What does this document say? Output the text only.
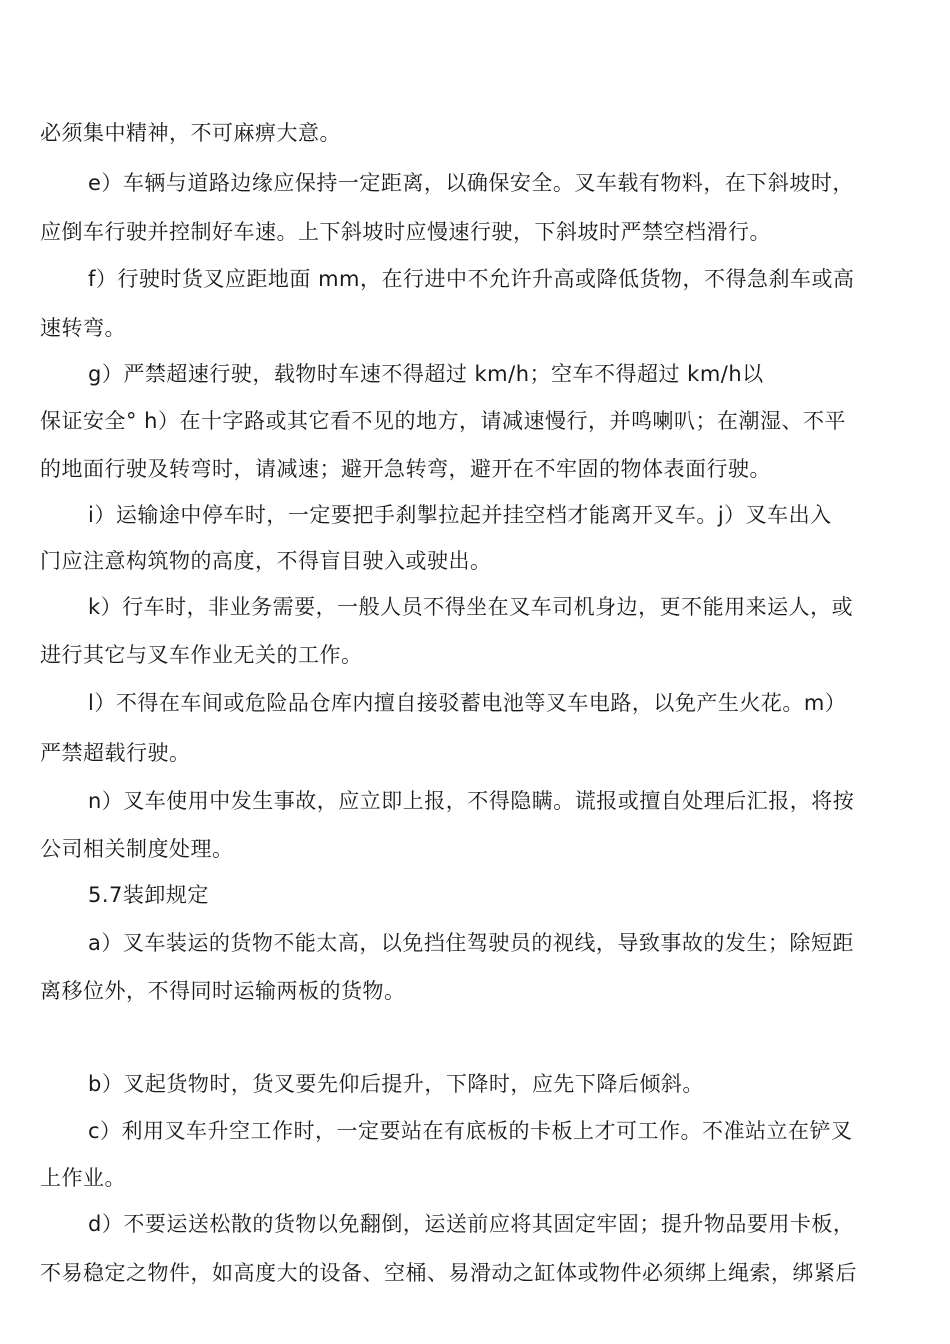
必须集中精神，不可麻痹大意。
e）车辆与道路边缘应保持一定距离，以确保安全。叉车载有物料，在下斜坡时，
应倒车行驶并控制好车速。上下斜坡时应慢速行驶，下斜坡时严禁空档滑行。
f）行驶时货叉应距地面 mm，在行进中不允许升高或降低货物，不得急刹车或高
速转弯。
g）严禁超速行驶，载物时车速不得超过 km/h；空车不得超过 km/h以
保证安全° h）在十字路或其它看不见的地方，请减速慢行，并鸣喇叭；在潮湿、不平
的地面行驶及转弯时，请减速；避开急转弯，避开在不牢固的物体表面行驶。
i）运输途中停车时，一定要把手刹掣拉起并挂空档才能离开叉车。j）叉车出入
门应注意构筑物的高度，不得盲目驶入或驶出。
k）行车时，非业务需要，一般人员不得坐在叉车司机身边，更不能用来运人，或
进行其它与叉车作业无关的工作。
l）不得在车间或危险品仓库内擅自接驳蓄电池等叉车电路，以免产生火花。m）
严禁超载行驶。
n）叉车使用中发生事故，应立即上报，不得隐瞒。谎报或擅自处理后汇报，将按
公司相关制度处理。
5.7装卸规定
a）叉车装运的货物不能太高，以免挡住驾驶员的视线，导致事故的发生；除短距
离移位外，不得同时运输两板的货物。
b）叉起货物时，货叉要先仰后提升，下降时，应先下降后倾斜。
c）利用叉车升空工作时，一定要站在有底板的卡板上才可工作。不准站立在铲叉
上作业。
d）不要运送松散的货物以免翻倒，运送前应将其固定牢固；提升物品要用卡板，
不易稳定之物件，如高度大的设备、空桶、易滑动之缸体或物件必须绑上绳索，绑紧后
